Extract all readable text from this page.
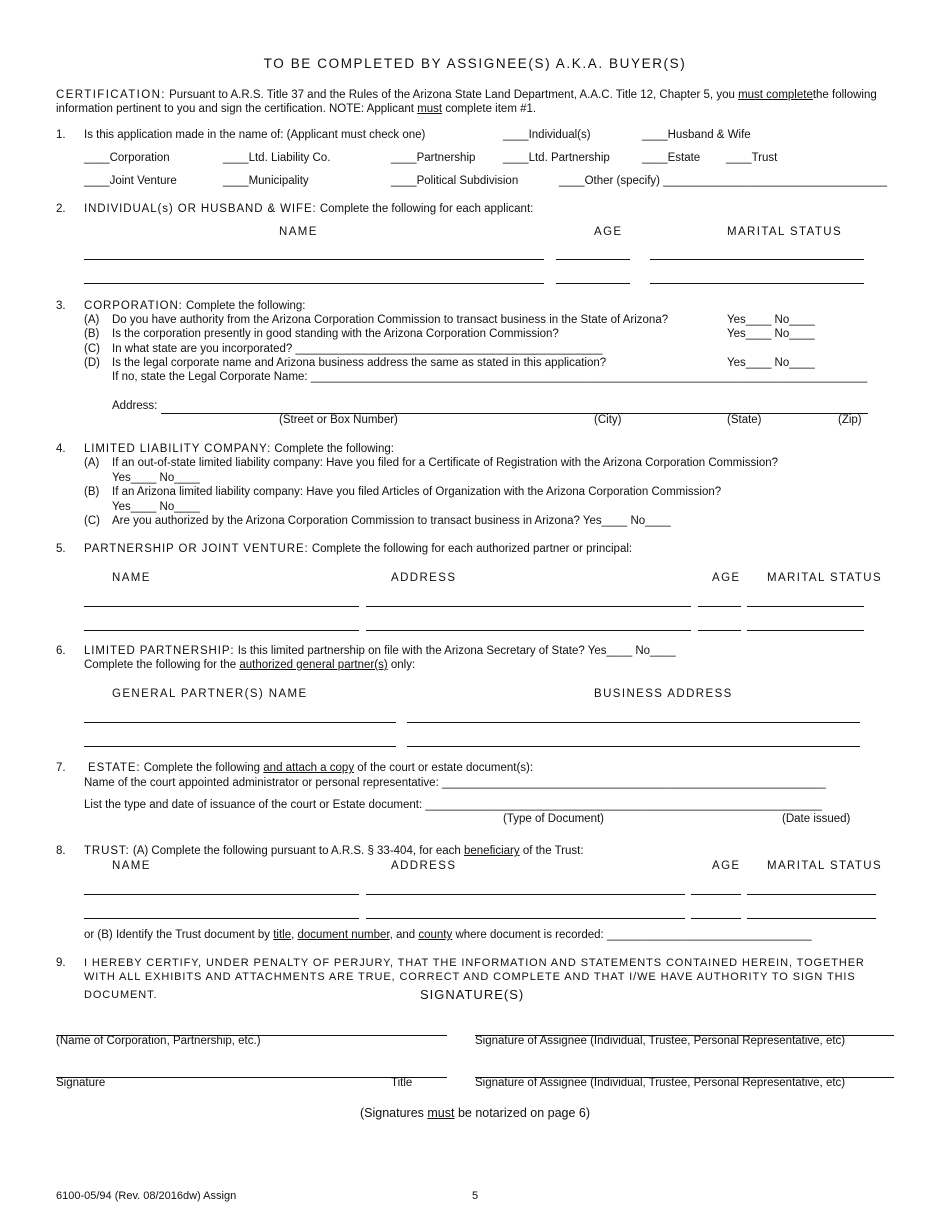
TO BE COMPLETED BY ASSIGNEE(S) A.K.A. BUYER(S)
CERTIFICATION: Pursuant to A.R.S. Title 37 and the Rules of the Arizona State Land Department, A.A.C. Title 12, Chapter 5, you must completethe following
information pertinent to you and sign the certification. NOTE: Applicant must complete item #1.
1. Is this application made in the name of: (Applicant must check one)	____Individual(s)	____Husband & Wife
____Corporation	____Ltd. Liability Co.	____Partnership ____Ltd. Partnership	____Estate ____Trust
____Joint Venture	____Municipality	____Political Subdivision	____Other (specify) ___________________________________
2. INDIVIDUAL(s) OR HUSBAND & WIFE: Complete the following for each applicant:
NAME	AGE	MARITAL STATUS
3. CORPORATION: Complete the following:
(A) Do you have authority from the Arizona Corporation Commission to transact business in the State of Arizona?	Yes____ No____
(B) Is the corporation presently in good standing with the Arizona Corporation Commission?	Yes____ No____
(C) In what state are you incorporated? ________________________________________________
(D) Is the legal corporate name and Arizona business address the same as stated in this application?	Yes____ No____
If no, state the Legal Corporate Name: _______________________________________________________________________________________
Address:
(Street or Box Number)	(City)	(State)	(Zip)
4. LIMITED LIABILITY COMPANY: Complete the following:
(A) If an out-of-state limited liability company: Have you filed for a Certificate of Registration with the Arizona Corporation Commission?
Yes____ No____
(B) If an Arizona limited liability company: Have you filed Articles of Organization with the Arizona Corporation Commission?
Yes____ No____
(C) Are you authorized by the Arizona Corporation Commission to transact business in Arizona? Yes____ No____
5. PARTNERSHIP OR JOINT VENTURE: Complete the following for each authorized partner or principal:
NAME	ADDRESS	AGE MARITAL STATUS
6. LIMITED PARTNERSHIP: Is this limited partnership on file with the Arizona Secretary of State? Yes____ No____
Complete the following for the authorized general partner(s) only:
GENERAL PARTNER(S) NAME	BUSINESS ADDRESS
7. ESTATE: Complete the following and attach a copy of the court or estate document(s):
Name of the court appointed administrator or personal representative: ____________________________________________________________
List the type and date of issuance of the court or Estate document: ______________________________________________________________
(Type of Document)	(Date issued)
8. TRUST: (A) Complete the following pursuant to A.R.S. § 33-404, for each beneficiary of the Trust:
NAME	ADDRESS	AGE MARITAL STATUS
or (B) Identify the Trust document by title, document number, and county where document is recorded: ________________________________
9. I HEREBY CERTIFY, UNDER PENALTY OF PERJURY, THAT THE INFORMATION AND STATEMENTS CONTAINED HEREIN, TOGETHER
WITH ALL EXHIBITS AND ATTACHMENTS ARE TRUE, CORRECT AND COMPLETE AND THAT I/WE HAVE AUTHORITY TO SIGN THIS
DOCUMENT.	SIGNATURE(S)
(Name of Corporation, Partnership, etc.)	Signature of Assignee (Individual, Trustee, Personal Representative, etc)
Signature	Title	Signature of Assignee (Individual, Trustee, Personal Representative, etc)
(Signatures must be notarized on page 6)
6100-05/94 (Rev. 08/2016dw) Assign	5
